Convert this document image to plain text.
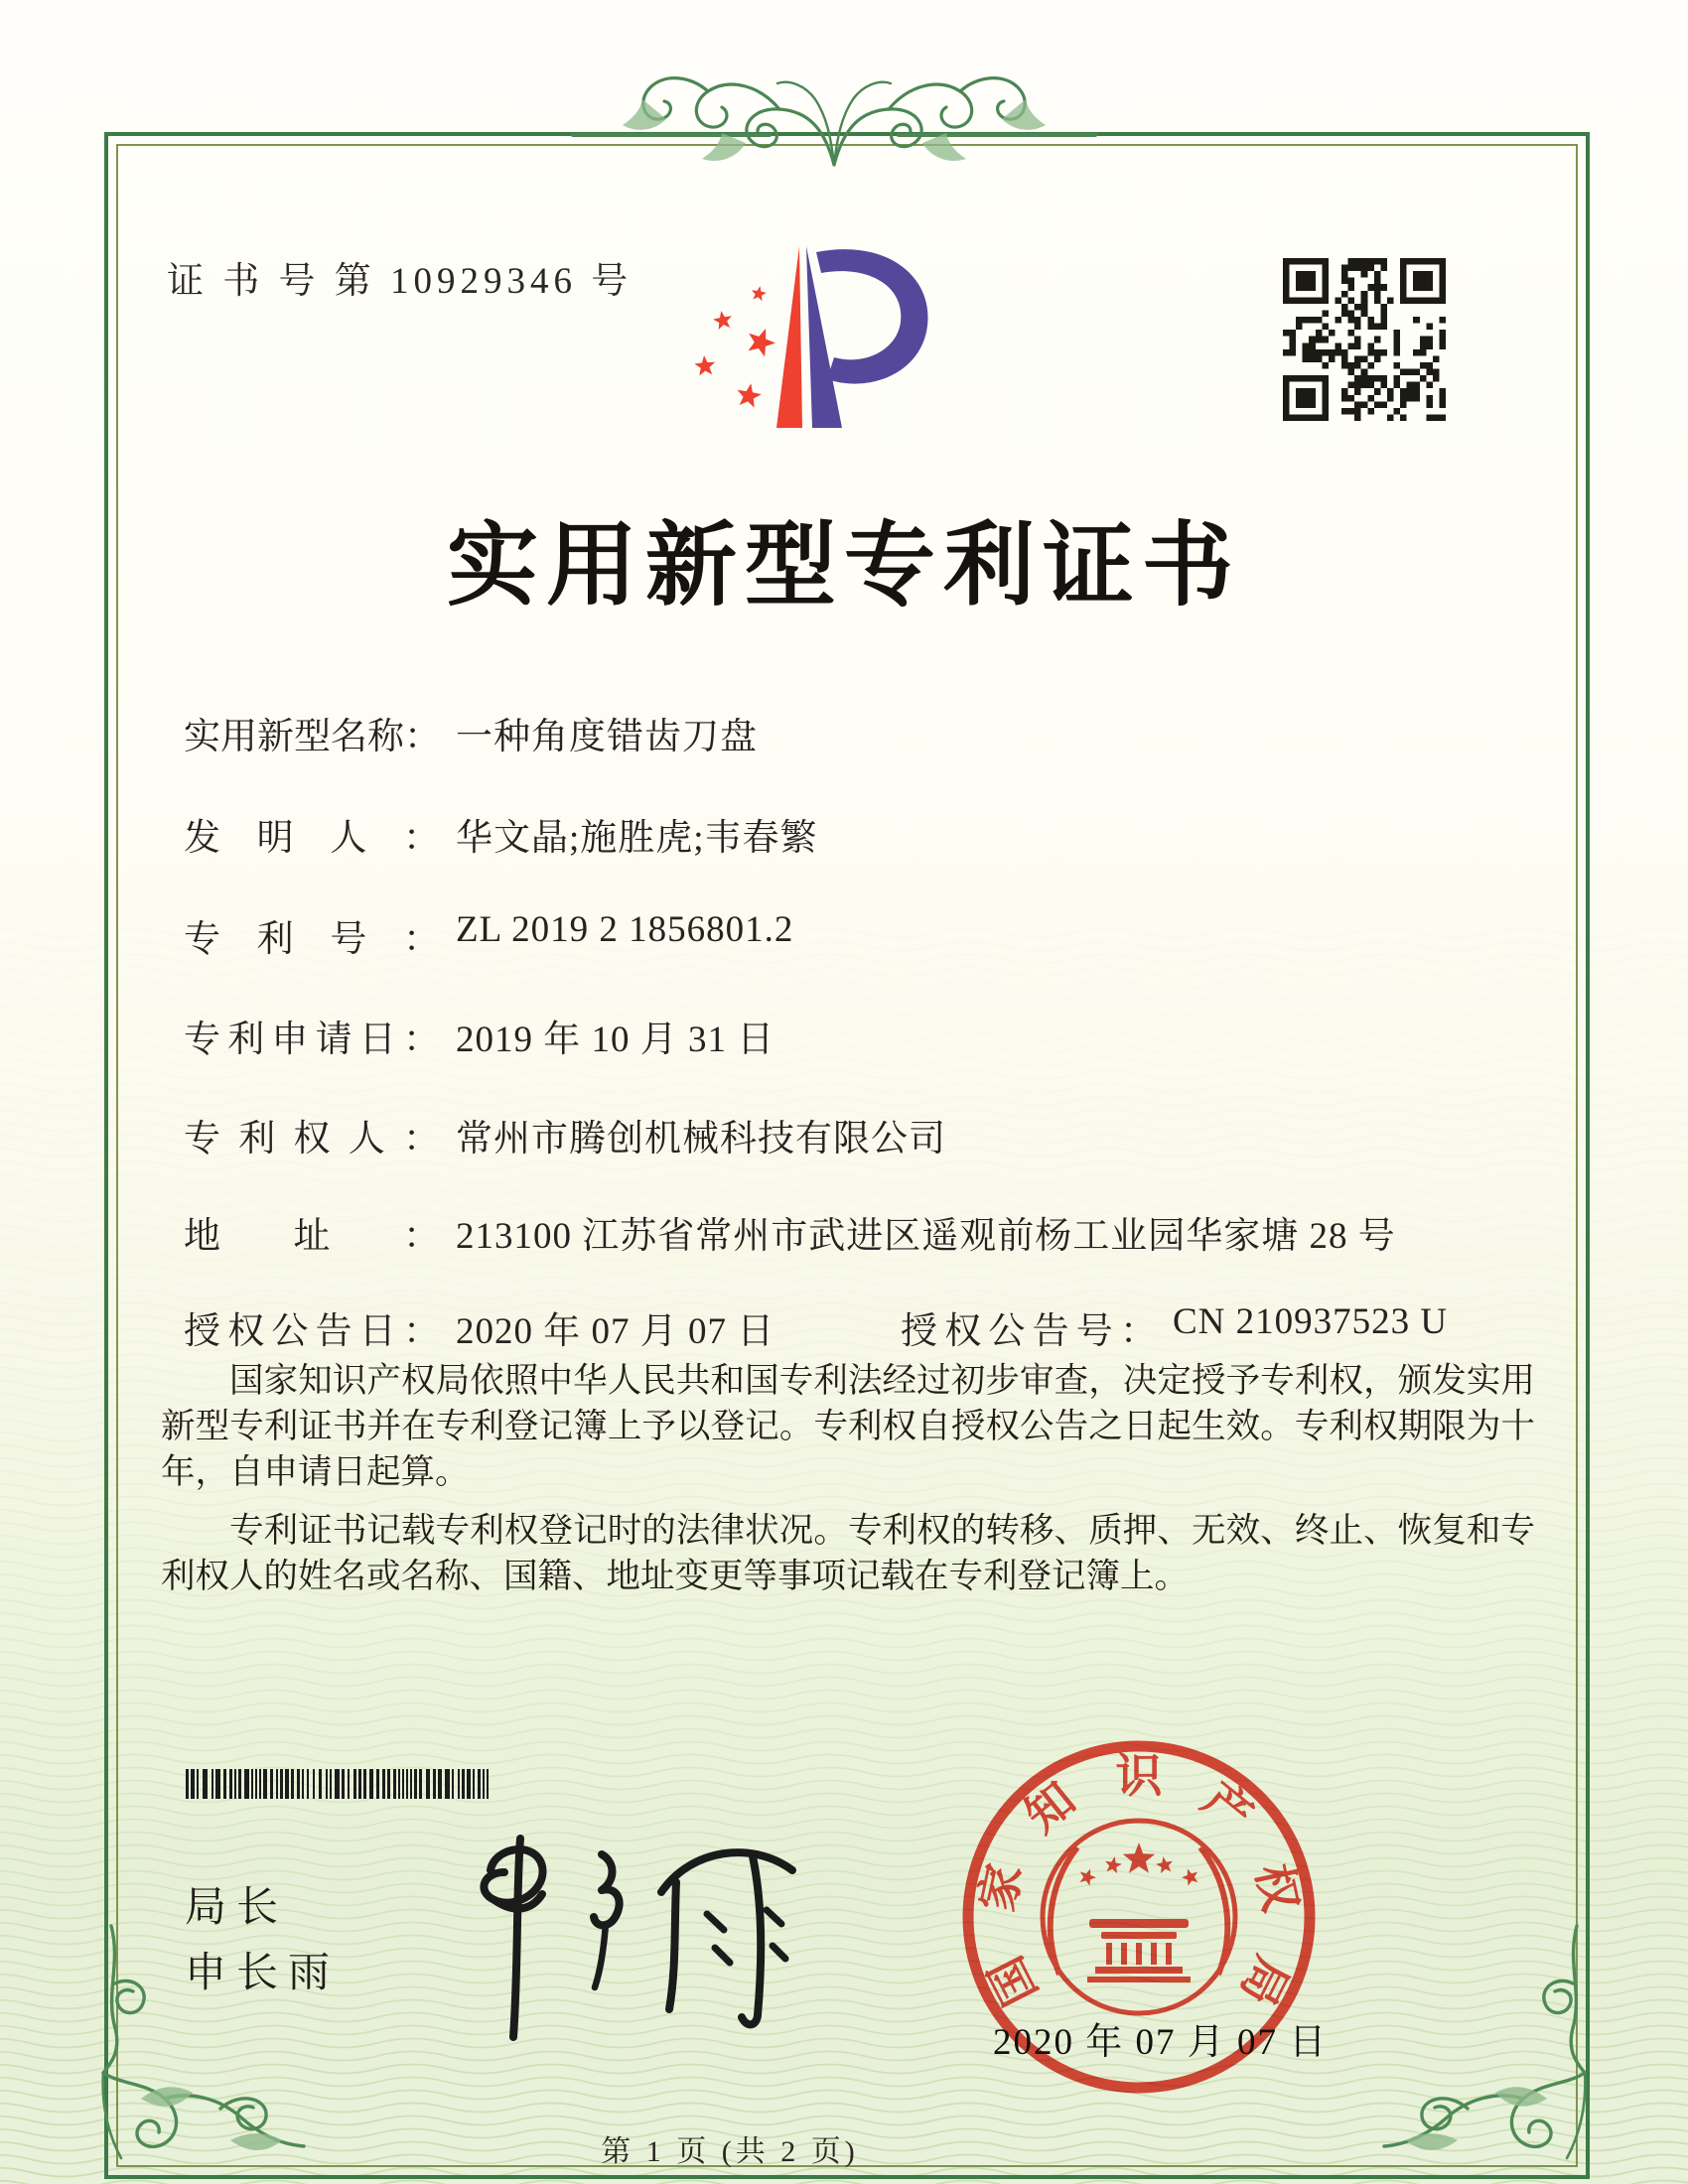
证 书 号 第 10929346 号
实用新型专利证书
实用新型名称： 一种角度错齿刀盘
发明人： 华文晶;施胜虎;韦春繁
专利号： ZL 2019 2 1856801.2
专利申请日： 2019 年 10 月 31 日
专利权人： 常州市腾创机械科技有限公司
地址： 213100 江苏省常州市武进区遥观前杨工业园华家塘 28 号
授权公告日： 2020 年 07 月 07 日	授权公告号： CN 210937523 U

国家知识产权局依照中华人民共和国专利法经过初步审查，决定授予专利权，颁发实用新型专利证书并在专利登记簿上予以登记。专利权自授权公告之日起生效。专利权期限为十年，自申请日起算。

专利证书记载专利权登记时的法律状况。专利权的转移、质押、无效、终止、恢复和专利权人的姓名或名称、国籍、地址变更等事项记载在专利登记簿上。

局长
申长雨	国
家
知 识 产
权
局
2020 年 07 月 07 日
第 1 页 (共 2 页)
